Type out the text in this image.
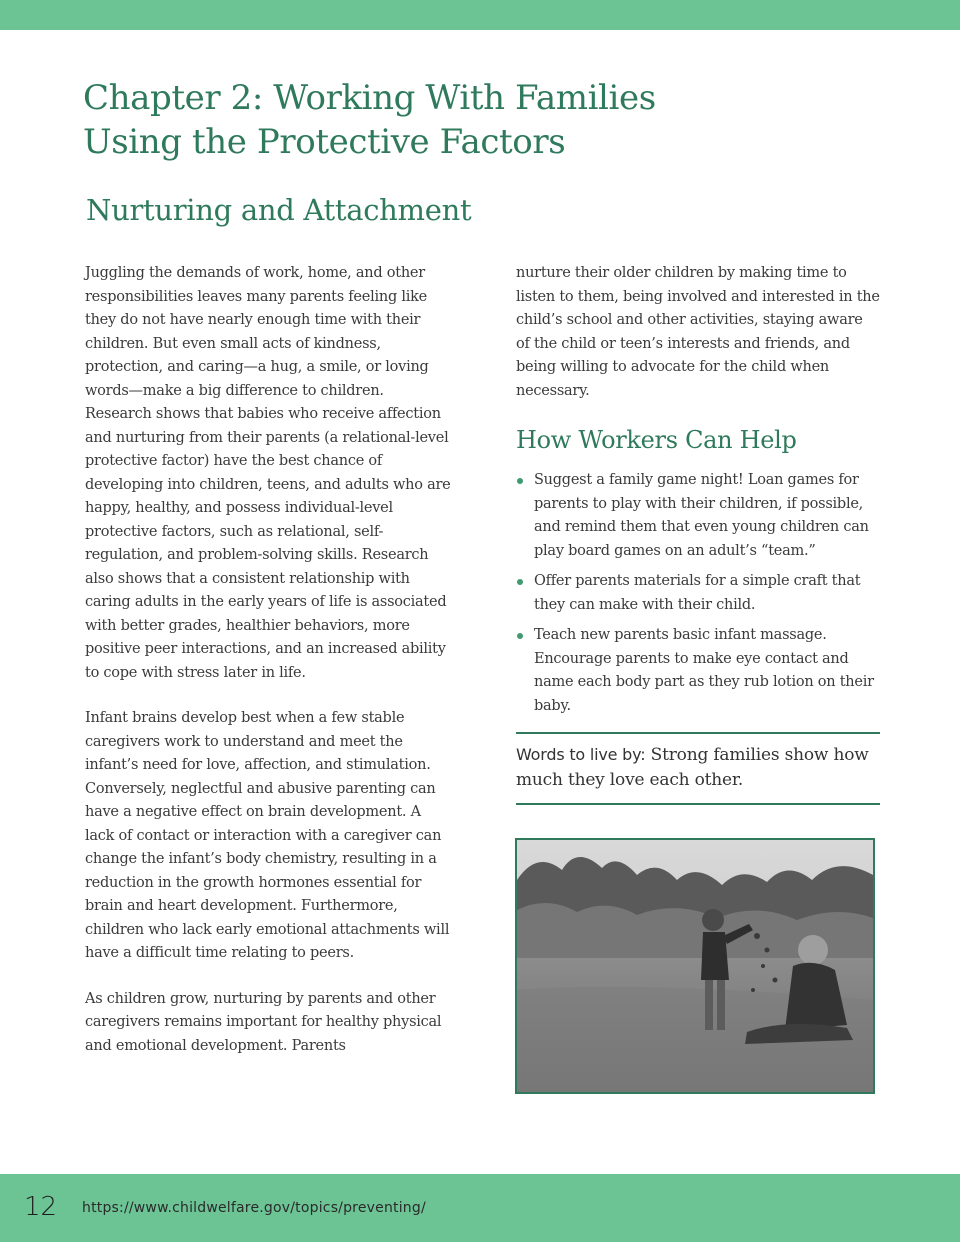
Chapter 2: Working With Families
Using the Protective Factors
Nurturing and Attachment

Juggling the demands of work, home, and other responsibilities leaves many parents feeling like they do not have nearly enough time with their children. But even small acts of kindness, protection, and caring—a hug, a smile, or loving words—make a big difference to children. Research shows that babies who receive affection and nurturing from their parents (a relational-level protective factor) have the best chance of developing into children, teens, and adults who are happy, healthy, and possess individual-level protective factors, such as relational, self-regulation, and problem-solving skills. Research also shows that a consistent relationship with caring adults in the early years of life is associated with better grades, healthier behaviors, more positive peer interactions, and an increased ability to cope with stress later in life.

Infant brains develop best when a few stable caregivers work to understand and meet the infant’s need for love, affection, and stimulation. Conversely, neglectful and abusive parenting can have a negative effect on brain development. A lack of contact or interaction with a caregiver can change the infant’s body chemistry, resulting in a reduction in the growth hormones essential for brain and heart development. Furthermore, children who lack early emotional attachments will have a difficult time relating to peers.

As children grow, nurturing by parents and other caregivers remains important for healthy physical and emotional development. Parents

nurture their older children by making time to listen to them, being involved and interested in the child’s school and other activities, staying aware of the child or teen’s interests and friends, and being willing to advocate for the child when necessary.

How Workers Can Help
Suggest a family game night! Loan games for parents to play with their children, if possible, and remind them that even young children can play board games on an adult’s “team.”
Offer parents materials for a simple craft that they can make with their child.
Teach new parents basic infant massage. Encourage parents to make eye contact and name each body part as they rub lotion on their baby.
Words to live by: Strong families show how much they love each other.
12 https://www.childwelfare.gov/topics/preventing/
